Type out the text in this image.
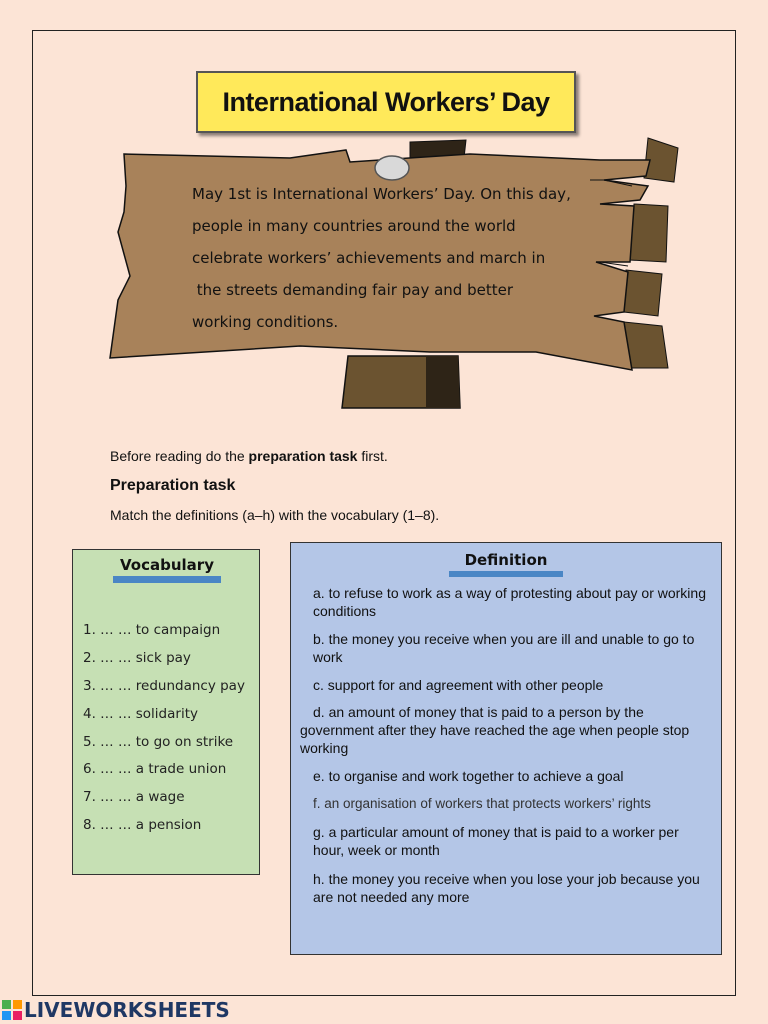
International Workers’ Day
May 1st is International Workers’ Day. On this day,
people in many countries around the world
celebrate workers’ achievements and march in
the streets demanding fair pay and better
working conditions.
Before reading do the preparation task first.
Preparation task
Match the definitions (a–h) with the vocabulary (1–8).
Vocabulary
1. … … to campaign
2. … … sick pay
3. … … redundancy pay
4. … … solidarity
5. … … to go on strike
6. … … a trade union
7. … … a wage
8. … … a pension
Definition
a. to refuse to work as a way of protesting about pay or working conditions
b. the money you receive when you are ill and unable to go to work
c. support for and agreement with other people
d. an amount of money that is paid to a person by the government after they have reached the age when people stop working
e. to organise and work together to achieve a goal
f. an organisation of workers that protects workers’ rights
g. a particular amount of money that is paid to a worker per hour, week or month
h. the money you receive when you lose your job because you are not needed any more
LIVEWORKSHEETS
